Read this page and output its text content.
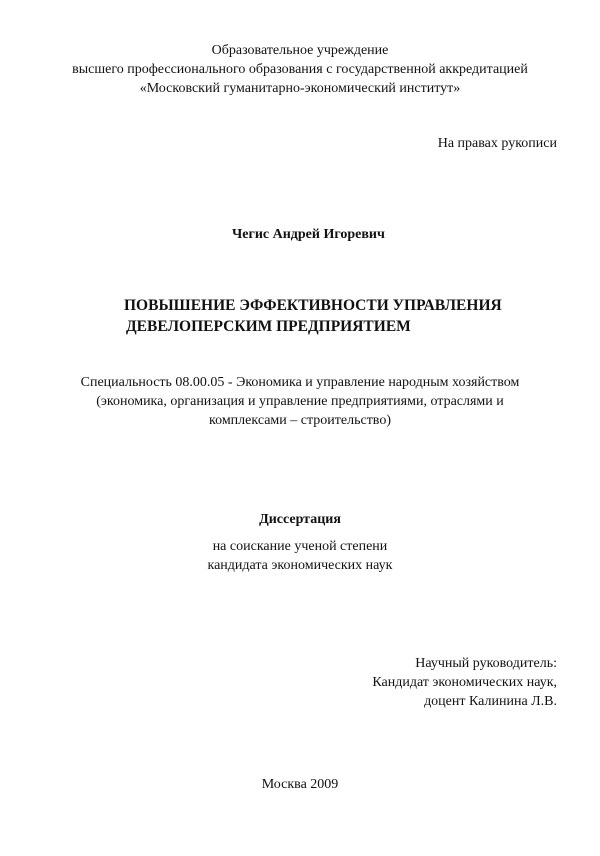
Образовательное учреждение
высшего профессионального образования с государственной аккредитацией
«Московский гуманитарно-экономический институт»
На правах рукописи
Чегис Андрей Игоревич
ПОВЫШЕНИЕ ЭФФЕКТИВНОСТИ УПРАВЛЕНИЯ
ДЕВЕЛОПЕРСКИМ ПРЕДПРИЯТИЕМ
Специальность 08.00.05 - Экономика и управление народным хозяйством
(экономика, организация и управление предприятиями, отраслями и
комплексами – строительство)
Диссертация
на соискание ученой степени
кандидата экономических наук
Научный руководитель:
Кандидат экономических наук,
доцент Калинина Л.В.
Москва 2009
